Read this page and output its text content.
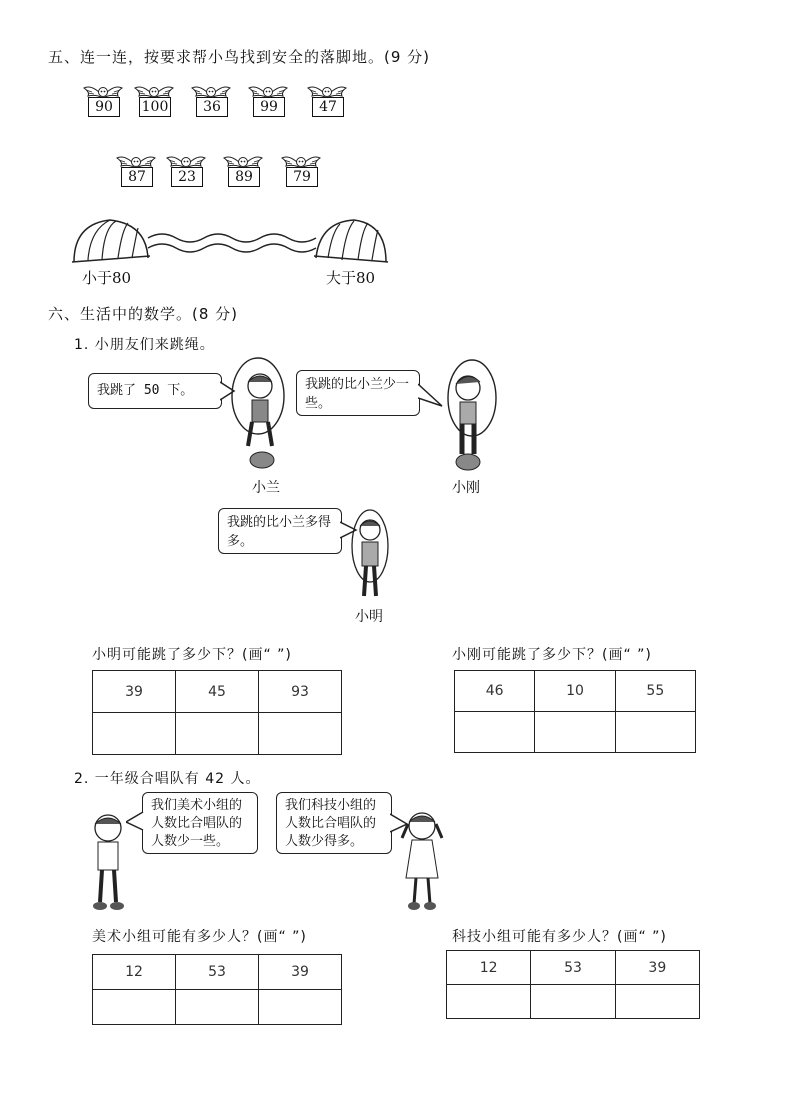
五、连一连，按要求帮小鸟找到安全的落脚地。(9 分)
90	100	36	99	47
87	23	89	79
小于80	大于80
六、生活中的数学。(8 分)
1. 小朋友们来跳绳。
我跳了 50 下。	我跳的比小兰少一些。
我跳的比小兰多得多。
小兰	小刚
小明
小明可能跳了多少下？(画“ ”)
39	45	93

小刚可能跳了多少下？(画“ ”)
46	10	55

2. 一年级合唱队有 42 人。
我们美术小组的人数比合唱队的人数少一些。
我们科技小组的人数比合唱队的人数少得多。
美术小组可能有多少人？(画“ ”)
12	53	39

科技小组可能有多少人？(画“ ”)
12	53	39
